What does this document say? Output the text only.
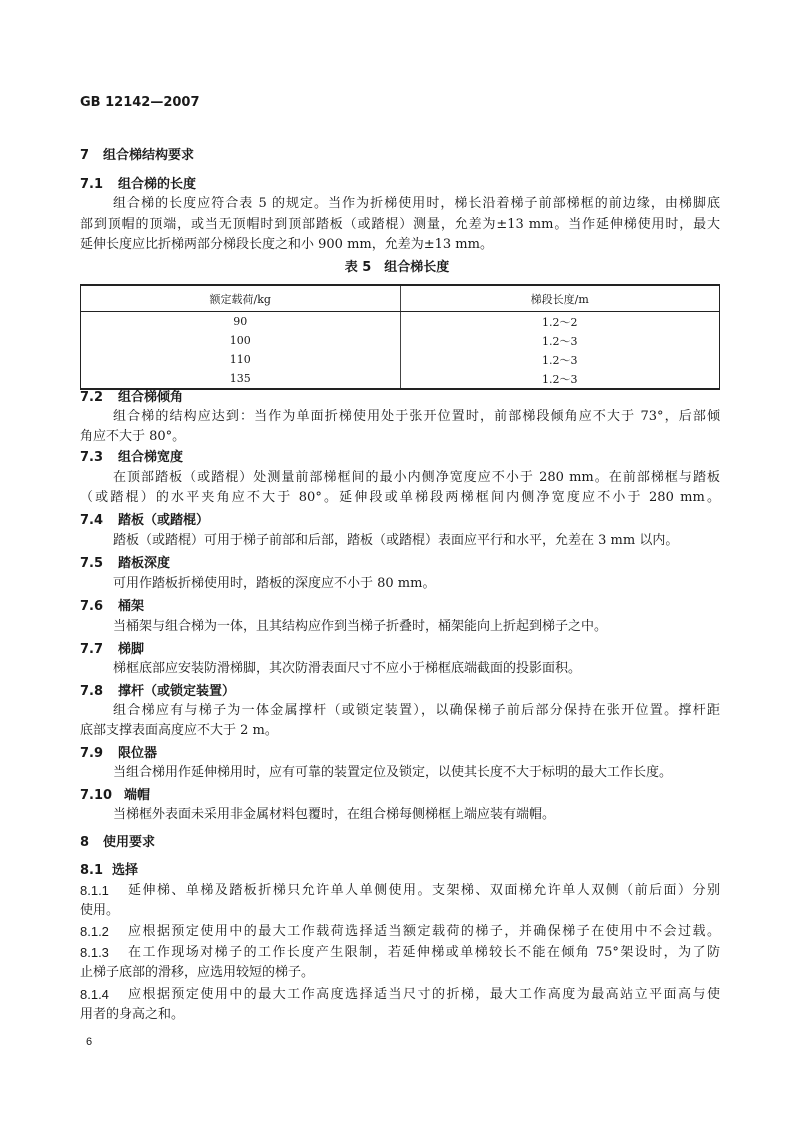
GB 12142—2007
7 组合梯结构要求
7.1 组合梯的长度
组合梯的长度应符合表 5 的规定。当作为折梯使用时，梯长沿着梯子前部梯框的前边缘，由梯脚底
部到顶帽的顶端，或当无顶帽时到顶部踏板（或踏棍）测量，允差为±13 mm。当作延伸梯使用时，最大
延伸长度应比折梯两部分梯段长度之和小 900 mm，允差为±13 mm。
表 5　组合梯长度
额定载荷/kg	梯段长度/m
90	1.2～2
100	1.2～3
110	1.2～3
135	1.2～3
7.2 组合梯倾角
组合梯的结构应达到：当作为单面折梯使用处于张开位置时，前部梯段倾角应不大于 73°，后部倾
角应不大于 80°。
7.3 组合梯宽度
在顶部踏板（或踏棍）处测量前部梯框间的最小内侧净宽度应不小于 280 mm。在前部梯框与踏板
（或踏棍）的水平夹角应不大于 80°。延伸段或单梯段两梯框间内侧净宽度应不小于 280 mm。
7.4 踏板（或踏棍）
踏板（或踏棍）可用于梯子前部和后部，踏板（或踏棍）表面应平行和水平，允差在 3 mm 以内。
7.5 踏板深度
可用作踏板折梯使用时，踏板的深度应不小于 80 mm。
7.6 桶架
当桶架与组合梯为一体，且其结构应作到当梯子折叠时，桶架能向上折起到梯子之中。
7.7 梯脚
梯框底部应安装防滑梯脚，其次防滑表面尺寸不应小于梯框底端截面的投影面积。
7.8 撑杆（或锁定装置）
组合梯应有与梯子为一体金属撑杆（或锁定装置），以确保梯子前后部分保持在张开位置。撑杆距
底部支撑表面高度应不大于 2 m。
7.9 限位器
当组合梯用作延伸梯用时，应有可靠的装置定位及锁定，以使其长度不大于标明的最大工作长度。
7.10 端帽
当梯框外表面未采用非金属材料包覆时，在组合梯每侧梯框上端应装有端帽。
8 使用要求
8.1 选择
8.1.1 延伸梯、单梯及踏板折梯只允许单人单侧使用。支架梯、双面梯允许单人双侧（前后面）分别
使用。
8.1.2 应根据预定使用中的最大工作载荷选择适当额定载荷的梯子，并确保梯子在使用中不会过载。
8.1.3 在工作现场对梯子的工作长度产生限制，若延伸梯或单梯较长不能在倾角 75°架设时，为了防
止梯子底部的滑移，应选用较短的梯子。
8.1.4 应根据预定使用中的最大工作高度选择适当尺寸的折梯，最大工作高度为最高站立平面高与使
用者的身高之和。
6
